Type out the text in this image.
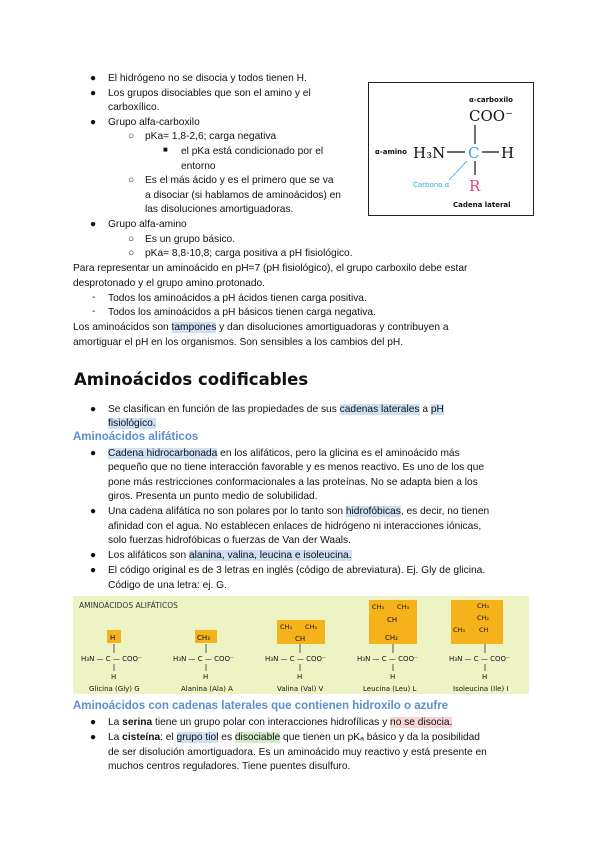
● El hidrógeno no se disocia y todos tienen H.
● Los grupos disociables que son el amino y el
carboxílico.
● Grupo alfa-carboxilo
○ pKa= 1,8-2,6; carga negativa
■ el pKa está condicionado por el
entorno
○ Es el más ácido y es el primero que se va
a disociar (si hablamos de aminoácidos) en
las disoluciones amortiguadoras.
● Grupo alfa-amino
○ Es un grupo básico.
○ pKa= 8,8-10,8; carga positiva a pH fisiológico.
Para representar un aminoácido en pH=7 (pH fisiológico), el grupo carboxilo debe estar
desprotonado y el grupo amino protonado.
- Todos los aminoácidos a pH ácidos tienen carga positiva.
- Todos los aminoácidos a pH básicos tienen carga negativa.
Los aminoácidos son tampones y dan disoluciones amortiguadoras y contribuyen a
amortiguar el pH en los organismos. Son sensibles a los cambios del pH.
α-carboxilo
COO⁻
α-amino H₃N C H
R
Carbono α
Cadena lateral
Aminoácidos codificables
● Se clasifican en función de las propiedades de sus cadenas laterales a pH
fisiológico.
Aminoácidos alifáticos
● Cadena hidrocarbonada en los alifáticos, pero la glicina es el aminoácido más
pequeño que no tiene interacción favorable y es menos reactivo. Es uno de los que
pone más restricciones conformacionales a las proteínas. No se adapta bien a los
giros. Presenta un punto medio de solubilidad.
● Una cadena alifática no son polares por lo tanto son hidrofóbicas, es decir, no tienen
afinidad con el agua. No establecen enlaces de hidrógeno ni interacciones iónicas,
solo fuerzas hidrofóbicas o fuerzas de Van der Waals.
● Los alifáticos son alanina, valina, leucina e isoleucina.
● El código original es de 3 letras en inglés (código de abreviatura). Ej. Gly de glicina.
Código de una letra: ej. G.
AMINOÁCIDOS ALIFÁTICOS
H
H₃N — C — COO⁻
H
Glicina (Gly) G
CH₃
H₃N — C — COO⁻
H
Alanina (Ala) A
CH₃ CH₃
CH
H₃N — C — COO⁻
H
Valina (Val) V
CH₃ CH₃
CH
CH₂
H₃N — C — COO⁻
H
Leucina (Leu) L
CH₃
CH₂
CH₃ CH
H₃N — C — COO⁻
H
Isoleucina (Ile) I
Aminoácidos con cadenas laterales que contienen hidroxilo o azufre
● La serina tiene un grupo polar con interacciones hidrofílicas y no se disocia.
● La cisteína: el grupo tiol es disociable que tienen un pKₐ básico y da la posibilidad
de ser disolución amortiguadora. Es un aminoácido muy reactivo y está presente en
muchos centros reguladores. Tiene puentes disulfuro.
